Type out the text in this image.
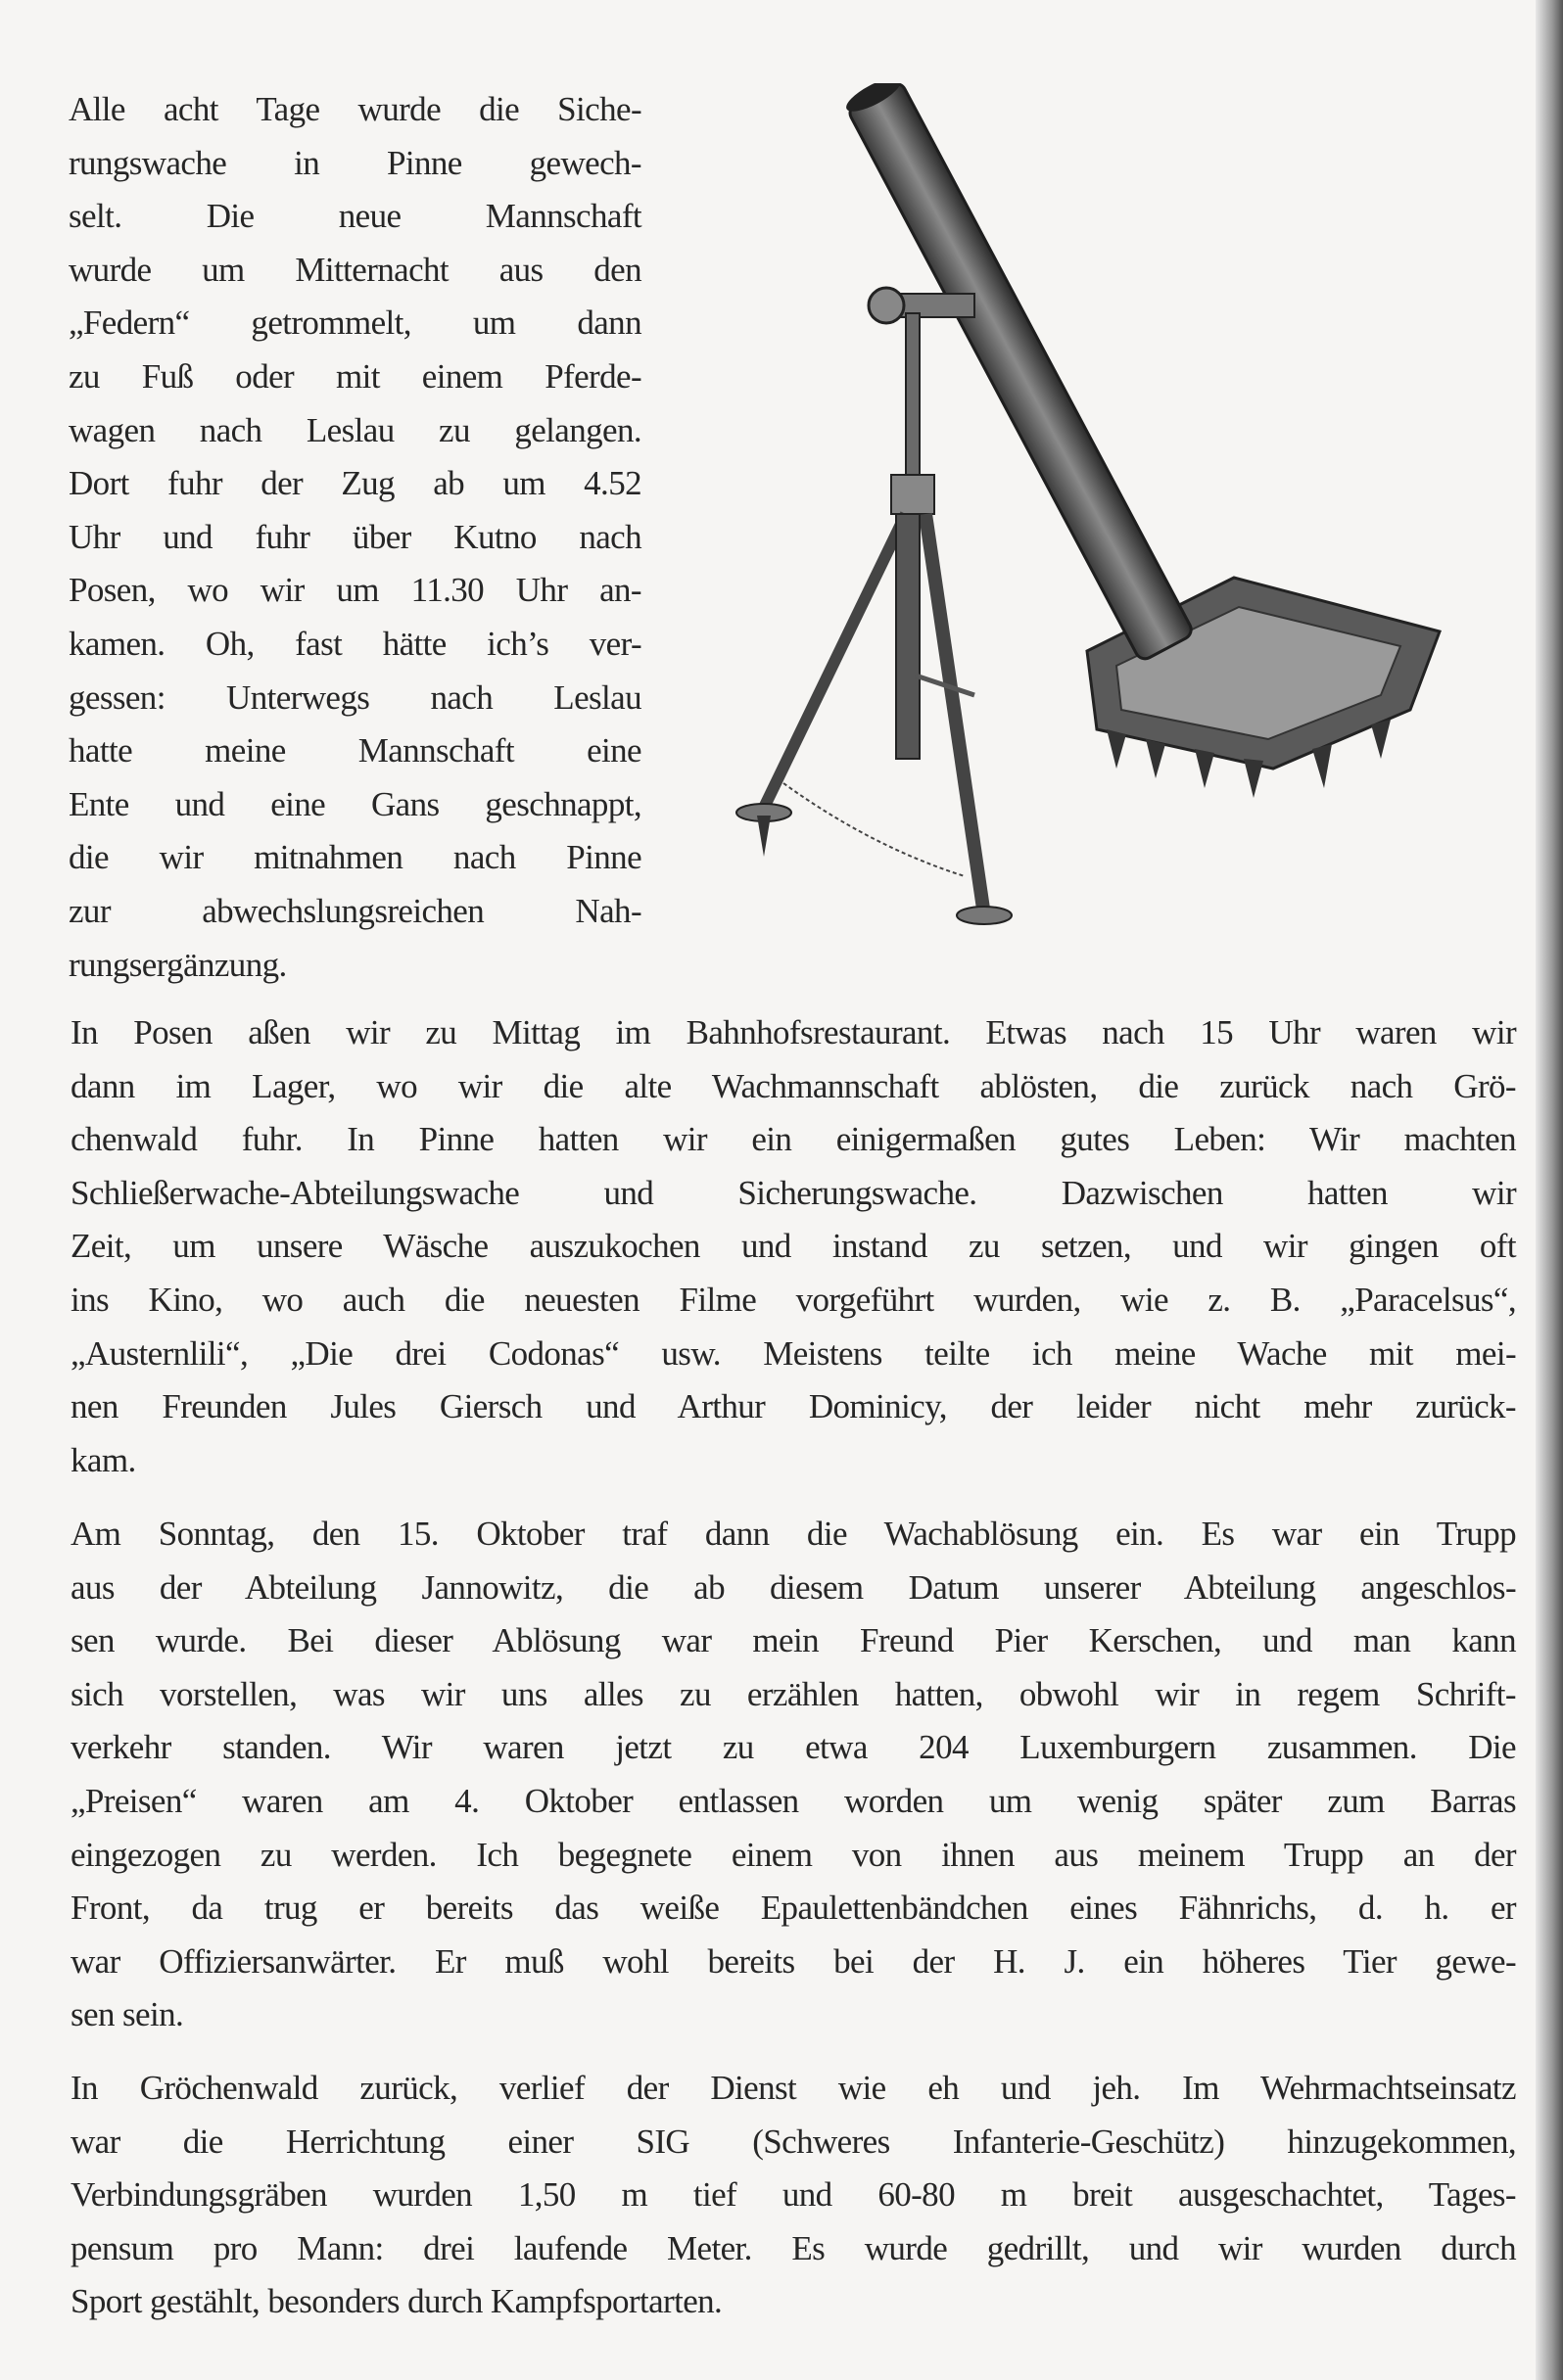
Alle acht Tage wurde die Siche-
rungswache in Pinne gewech-
selt. Die neue Mannschaft
wurde um Mitternacht aus den
„Federn“ getrommelt, um dann
zu Fuß oder mit einem Pferde-
wagen nach Leslau zu gelangen.
Dort fuhr der Zug ab um 4.52
Uhr und fuhr über Kutno nach
Posen, wo wir um 11.30 Uhr an-
kamen. Oh, fast hätte ich’s ver-
gessen: Unterwegs nach Leslau
hatte meine Mannschaft eine
Ente und eine Gans geschnappt,
die wir mitnahmen nach Pinne
zur abwechslungsreichen Nah-
rungsergänzung.
In Posen aßen wir zu Mittag im Bahnhofsrestaurant. Etwas nach 15 Uhr waren wir
dann im Lager, wo wir die alte Wachmannschaft ablösten, die zurück nach Grö-
chenwald fuhr. In Pinne hatten wir ein einigermaßen gutes Leben: Wir machten
Schließerwache-Abteilungswache und Sicherungswache. Dazwischen hatten wir
Zeit, um unsere Wäsche auszukochen und instand zu setzen, und wir gingen oft
ins Kino, wo auch die neuesten Filme vorgeführt wurden, wie z. B. „Paracelsus“,
„Austernlili“, „Die drei Codonas“ usw. Meistens teilte ich meine Wache mit mei-
nen Freunden Jules Giersch und Arthur Dominicy, der leider nicht mehr zurück-
kam.
Am Sonntag, den 15. Oktober traf dann die Wachablösung ein. Es war ein Trupp
aus der Abteilung Jannowitz, die ab diesem Datum unserer Abteilung angeschlos-
sen wurde. Bei dieser Ablösung war mein Freund Pier Kerschen, und man kann
sich vorstellen, was wir uns alles zu erzählen hatten, obwohl wir in regem Schrift-
verkehr standen. Wir waren jetzt zu etwa 204 Luxemburgern zusammen. Die
„Preisen“ waren am 4. Oktober entlassen worden um wenig später zum Barras
eingezogen zu werden. Ich begegnete einem von ihnen aus meinem Trupp an der
Front, da trug er bereits das weiße Epaulettenbändchen eines Fähnrichs, d. h. er
war Offiziersanwärter. Er muß wohl bereits bei der H. J. ein höheres Tier gewe-
sen sein.
In Gröchenwald zurück, verlief der Dienst wie eh und jeh. Im Wehrmachtseinsatz
war die Herrichtung einer SIG (Schweres Infanterie-Geschütz) hinzugekommen,
Verbindungsgräben wurden 1,50 m tief und 60-80 m breit ausgeschachtet, Tages-
pensum pro Mann: drei laufende Meter. Es wurde gedrillt, und wir wurden durch
Sport gestählt, besonders durch Kampfsportarten.
